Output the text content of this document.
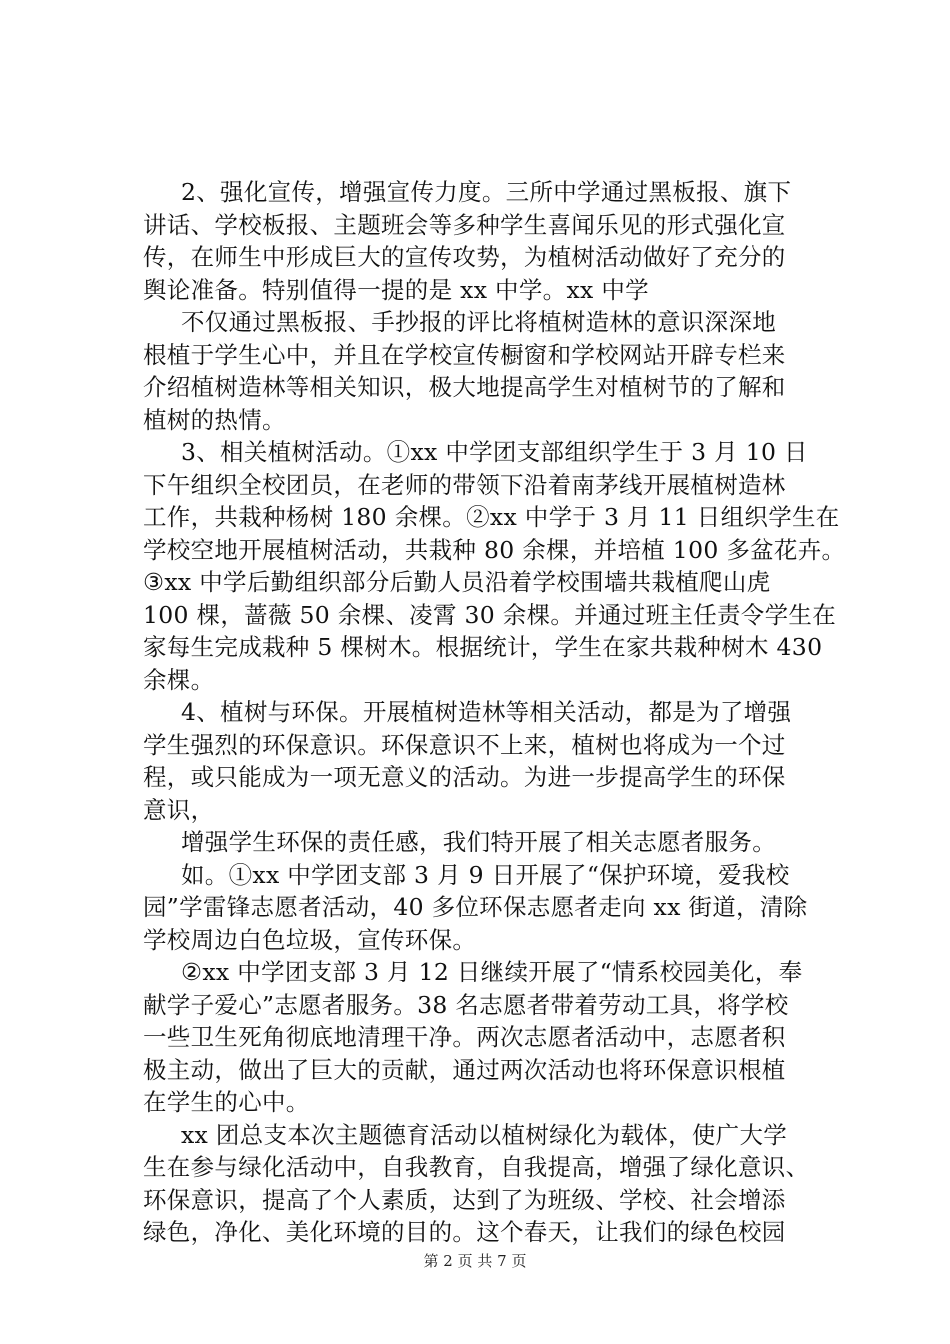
2、强化宣传，增强宣传力度。三所中学通过黑板报、旗下
讲话、学校板报、主题班会等多种学生喜闻乐见的形式强化宣
传，在师生中形成巨大的宣传攻势，为植树活动做好了充分的
舆论准备。特别值得一提的是 xx 中学。xx 中学
不仅通过黑板报、手抄报的评比将植树造林的意识深深地
根植于学生心中，并且在学校宣传橱窗和学校网站开辟专栏来
介绍植树造林等相关知识，极大地提高学生对植树节的了解和
植树的热情。
3、相关植树活动。①xx 中学团支部组织学生于 3 月 10 日
下午组织全校团员，在老师的带领下沿着南茅线开展植树造林
工作，共栽种杨树 180 余棵。②xx 中学于 3 月 11 日组织学生在
学校空地开展植树活动，共栽种 80 余棵，并培植 100 多盆花卉。
③xx 中学后勤组织部分后勤人员沿着学校围墙共栽植爬山虎
100 棵，蔷薇 50 余棵、凌霄 30 余棵。并通过班主任责令学生在
家每生完成栽种 5 棵树木。根据统计，学生在家共栽种树木 430
余棵。
4、植树与环保。开展植树造林等相关活动，都是为了增强
学生强烈的环保意识。环保意识不上来，植树也将成为一个过
程，或只能成为一项无意义的活动。为进一步提高学生的环保
意识，
增强学生环保的责任感，我们特开展了相关志愿者服务。
如。①xx 中学团支部 3 月 9 日开展了“保护环境，爱我校
园”学雷锋志愿者活动，40 多位环保志愿者走向 xx 街道，清除
学校周边白色垃圾，宣传环保。
②xx 中学团支部 3 月 12 日继续开展了“情系校园美化，奉
献学子爱心”志愿者服务。38 名志愿者带着劳动工具，将学校
一些卫生死角彻底地清理干净。两次志愿者活动中，志愿者积
极主动，做出了巨大的贡献，通过两次活动也将环保意识根植
在学生的心中。
xx 团总支本次主题德育活动以植树绿化为载体，使广大学
生在参与绿化活动中，自我教育，自我提高，增强了绿化意识、
环保意识，提高了个人素质，达到了为班级、学校、社会增添
绿色，净化、美化环境的目的。这个春天，让我们的绿色校园
第 2 页 共 7 页
